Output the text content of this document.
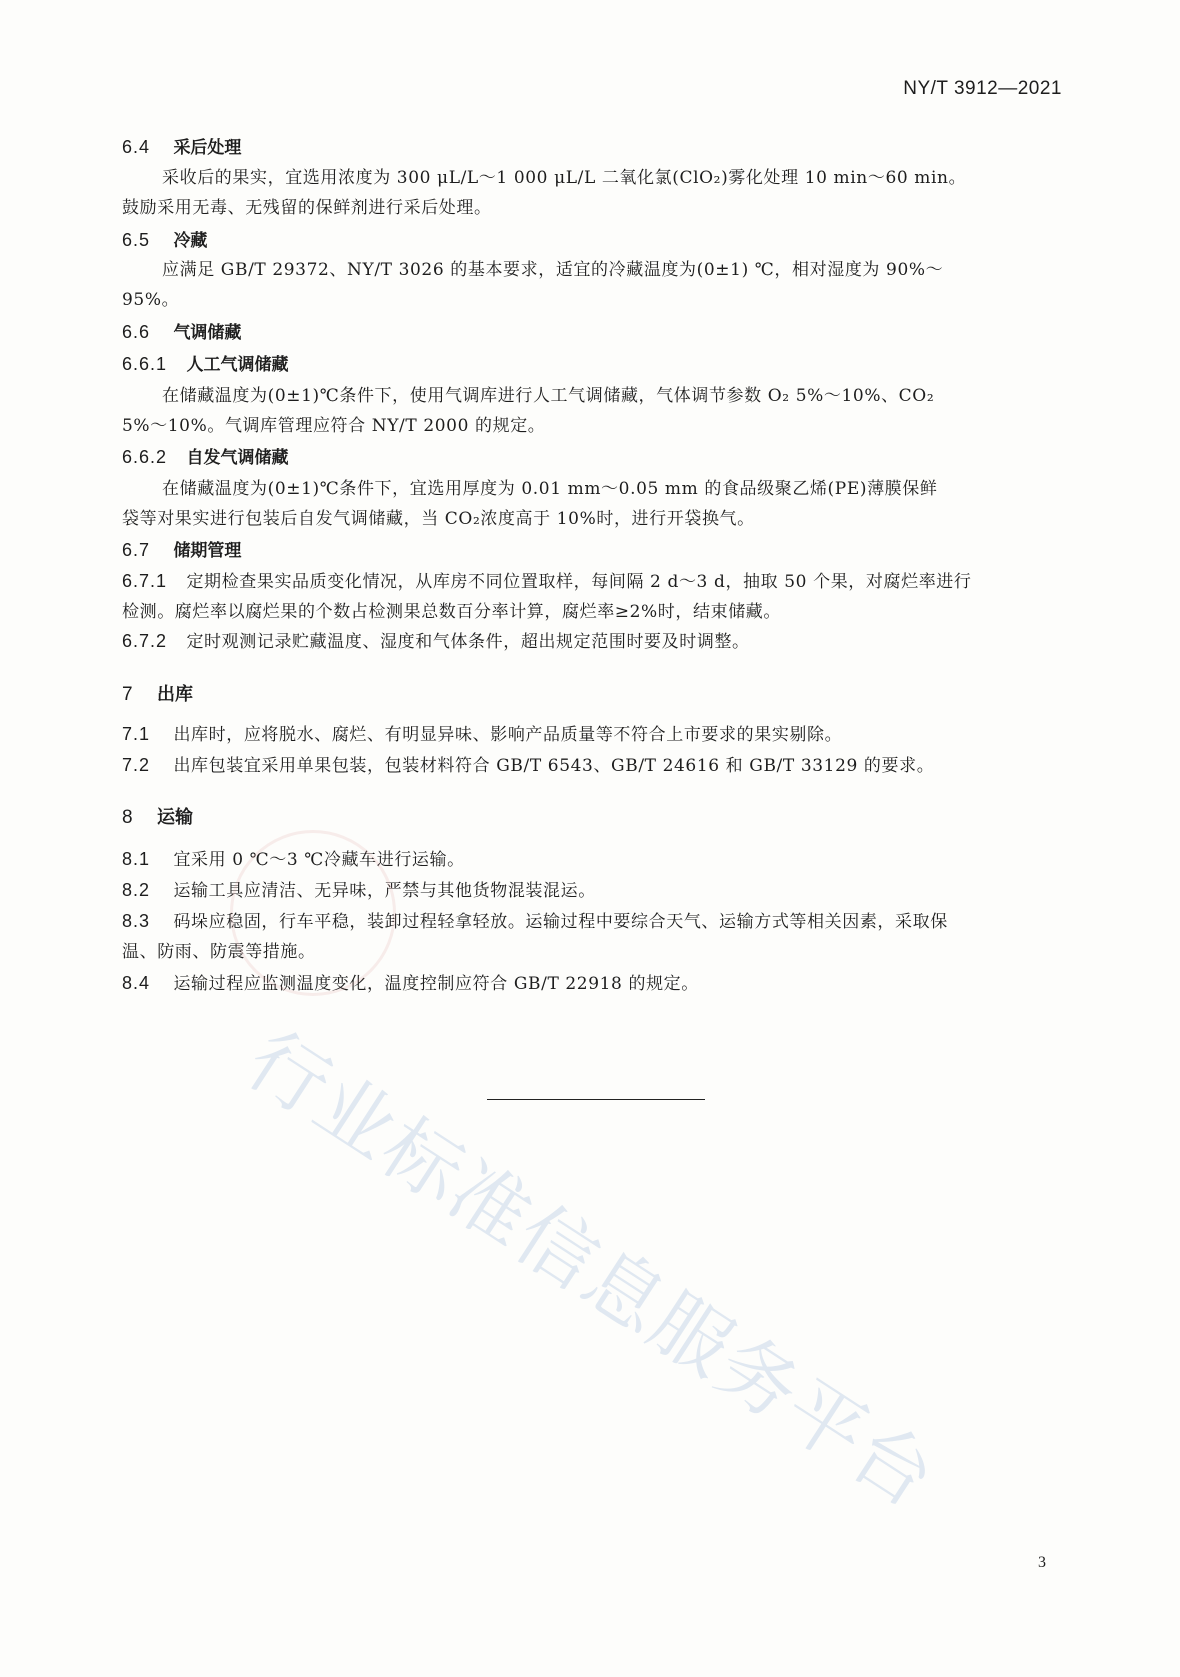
NY/T 3912—2021
6.4 采后处理
采收后的果实，宜选用浓度为 300 μL/L～1 000 μL/L 二氧化氯(ClO₂)雾化处理 10 min～60 min。
鼓励采用无毒、无残留的保鲜剂进行采后处理。
6.5 冷藏
应满足 GB/T 29372、NY/T 3026 的基本要求，适宜的冷藏温度为(0±1) ℃，相对湿度为 90%～
95%。
6.6 气调储藏
6.6.1 人工气调储藏
在储藏温度为(0±1)℃条件下，使用气调库进行人工气调储藏，气体调节参数 O₂ 5%～10%、CO₂
5%～10%。气调库管理应符合 NY/T 2000 的规定。
6.6.2 自发气调储藏
在储藏温度为(0±1)℃条件下，宜选用厚度为 0.01 mm～0.05 mm 的食品级聚乙烯(PE)薄膜保鲜
袋等对果实进行包装后自发气调储藏，当 CO₂浓度高于 10%时，进行开袋换气。
6.7 储期管理
6.7.1 定期检查果实品质变化情况，从库房不同位置取样，每间隔 2 d～3 d，抽取 50 个果，对腐烂率进行
检测。腐烂率以腐烂果的个数占检测果总数百分率计算，腐烂率≥2%时，结束储藏。
6.7.2 定时观测记录贮藏温度、湿度和气体条件，超出规定范围时要及时调整。
7 出库
7.1 出库时，应将脱水、腐烂、有明显异味、影响产品质量等不符合上市要求的果实剔除。
7.2 出库包装宜采用单果包装，包装材料符合 GB/T 6543、GB/T 24616 和 GB/T 33129 的要求。
8 运输
8.1 宜采用 0 ℃～3 ℃冷藏车进行运输。
8.2 运输工具应清洁、无异味，严禁与其他货物混装混运。
8.3 码垛应稳固，行车平稳，装卸过程轻拿轻放。运输过程中要综合天气、运输方式等相关因素，采取保
温、防雨、防震等措施。
8.4 运输过程应监测温度变化，温度控制应符合 GB/T 22918 的规定。
行业标准信息服务平台
3
